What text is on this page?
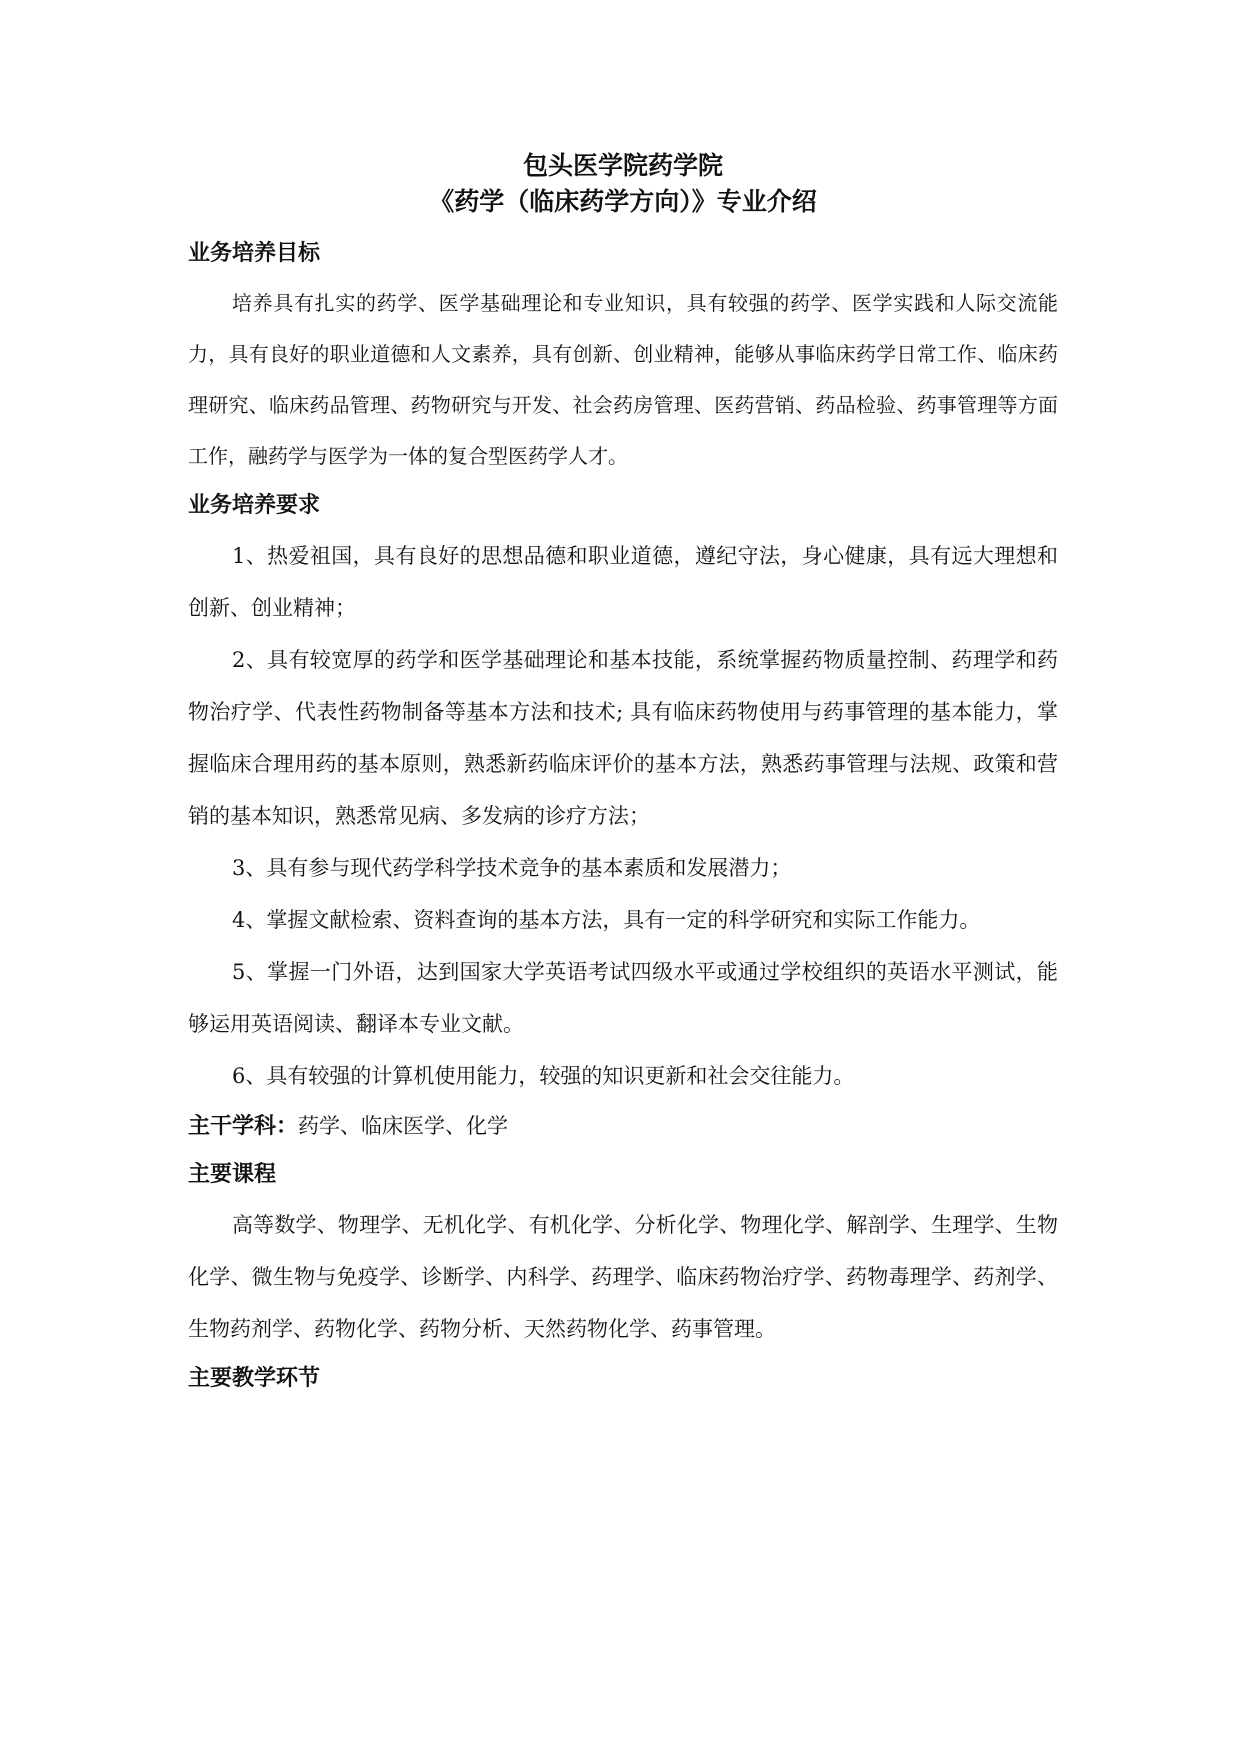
包头医学院药学院

《药学（临床药学方向）》专业介绍

业务培养目标

培养具有扎实的药学、医学基础理论和专业知识，具有较强的药学、医学实践和人际交流能力，具有良好的职业道德和人文素养，具有创新、创业精神，能够从事临床药学日常工作、临床药理研究、临床药品管理、药物研究与开发、社会药房管理、医药营销、药品检验、药事管理等方面工作，融药学与医学为一体的复合型医药学人才。

业务培养要求

1、热爱祖国，具有良好的思想品德和职业道德，遵纪守法，身心健康，具有远大理想和创新、创业精神；

2、具有较宽厚的药学和医学基础理论和基本技能，系统掌握药物质量控制、药理学和药物治疗学、代表性药物制备等基本方法和技术; 具有临床药物使用与药事管理的基本能力，掌握临床合理用药的基本原则，熟悉新药临床评价的基本方法，熟悉药事管理与法规、政策和营销的基本知识，熟悉常见病、多发病的诊疗方法；

3、具有参与现代药学科学技术竞争的基本素质和发展潜力；

4、掌握文献检索、资料查询的基本方法，具有一定的科学研究和实际工作能力。

5、掌握一门外语，达到国家大学英语考试四级水平或通过学校组织的英语水平测试，能够运用英语阅读、翻译本专业文献。

6、具有较强的计算机使用能力，较强的知识更新和社会交往能力。

主干学科：药学、临床医学、化学

主要课程

高等数学、物理学、无机化学、有机化学、分析化学、物理化学、解剖学、生理学、生物化学、微生物与免疫学、诊断学、内科学、药理学、临床药物治疗学、药物毒理学、药剂学、生物药剂学、药物化学、药物分析、天然药物化学、药事管理。

主要教学环节
